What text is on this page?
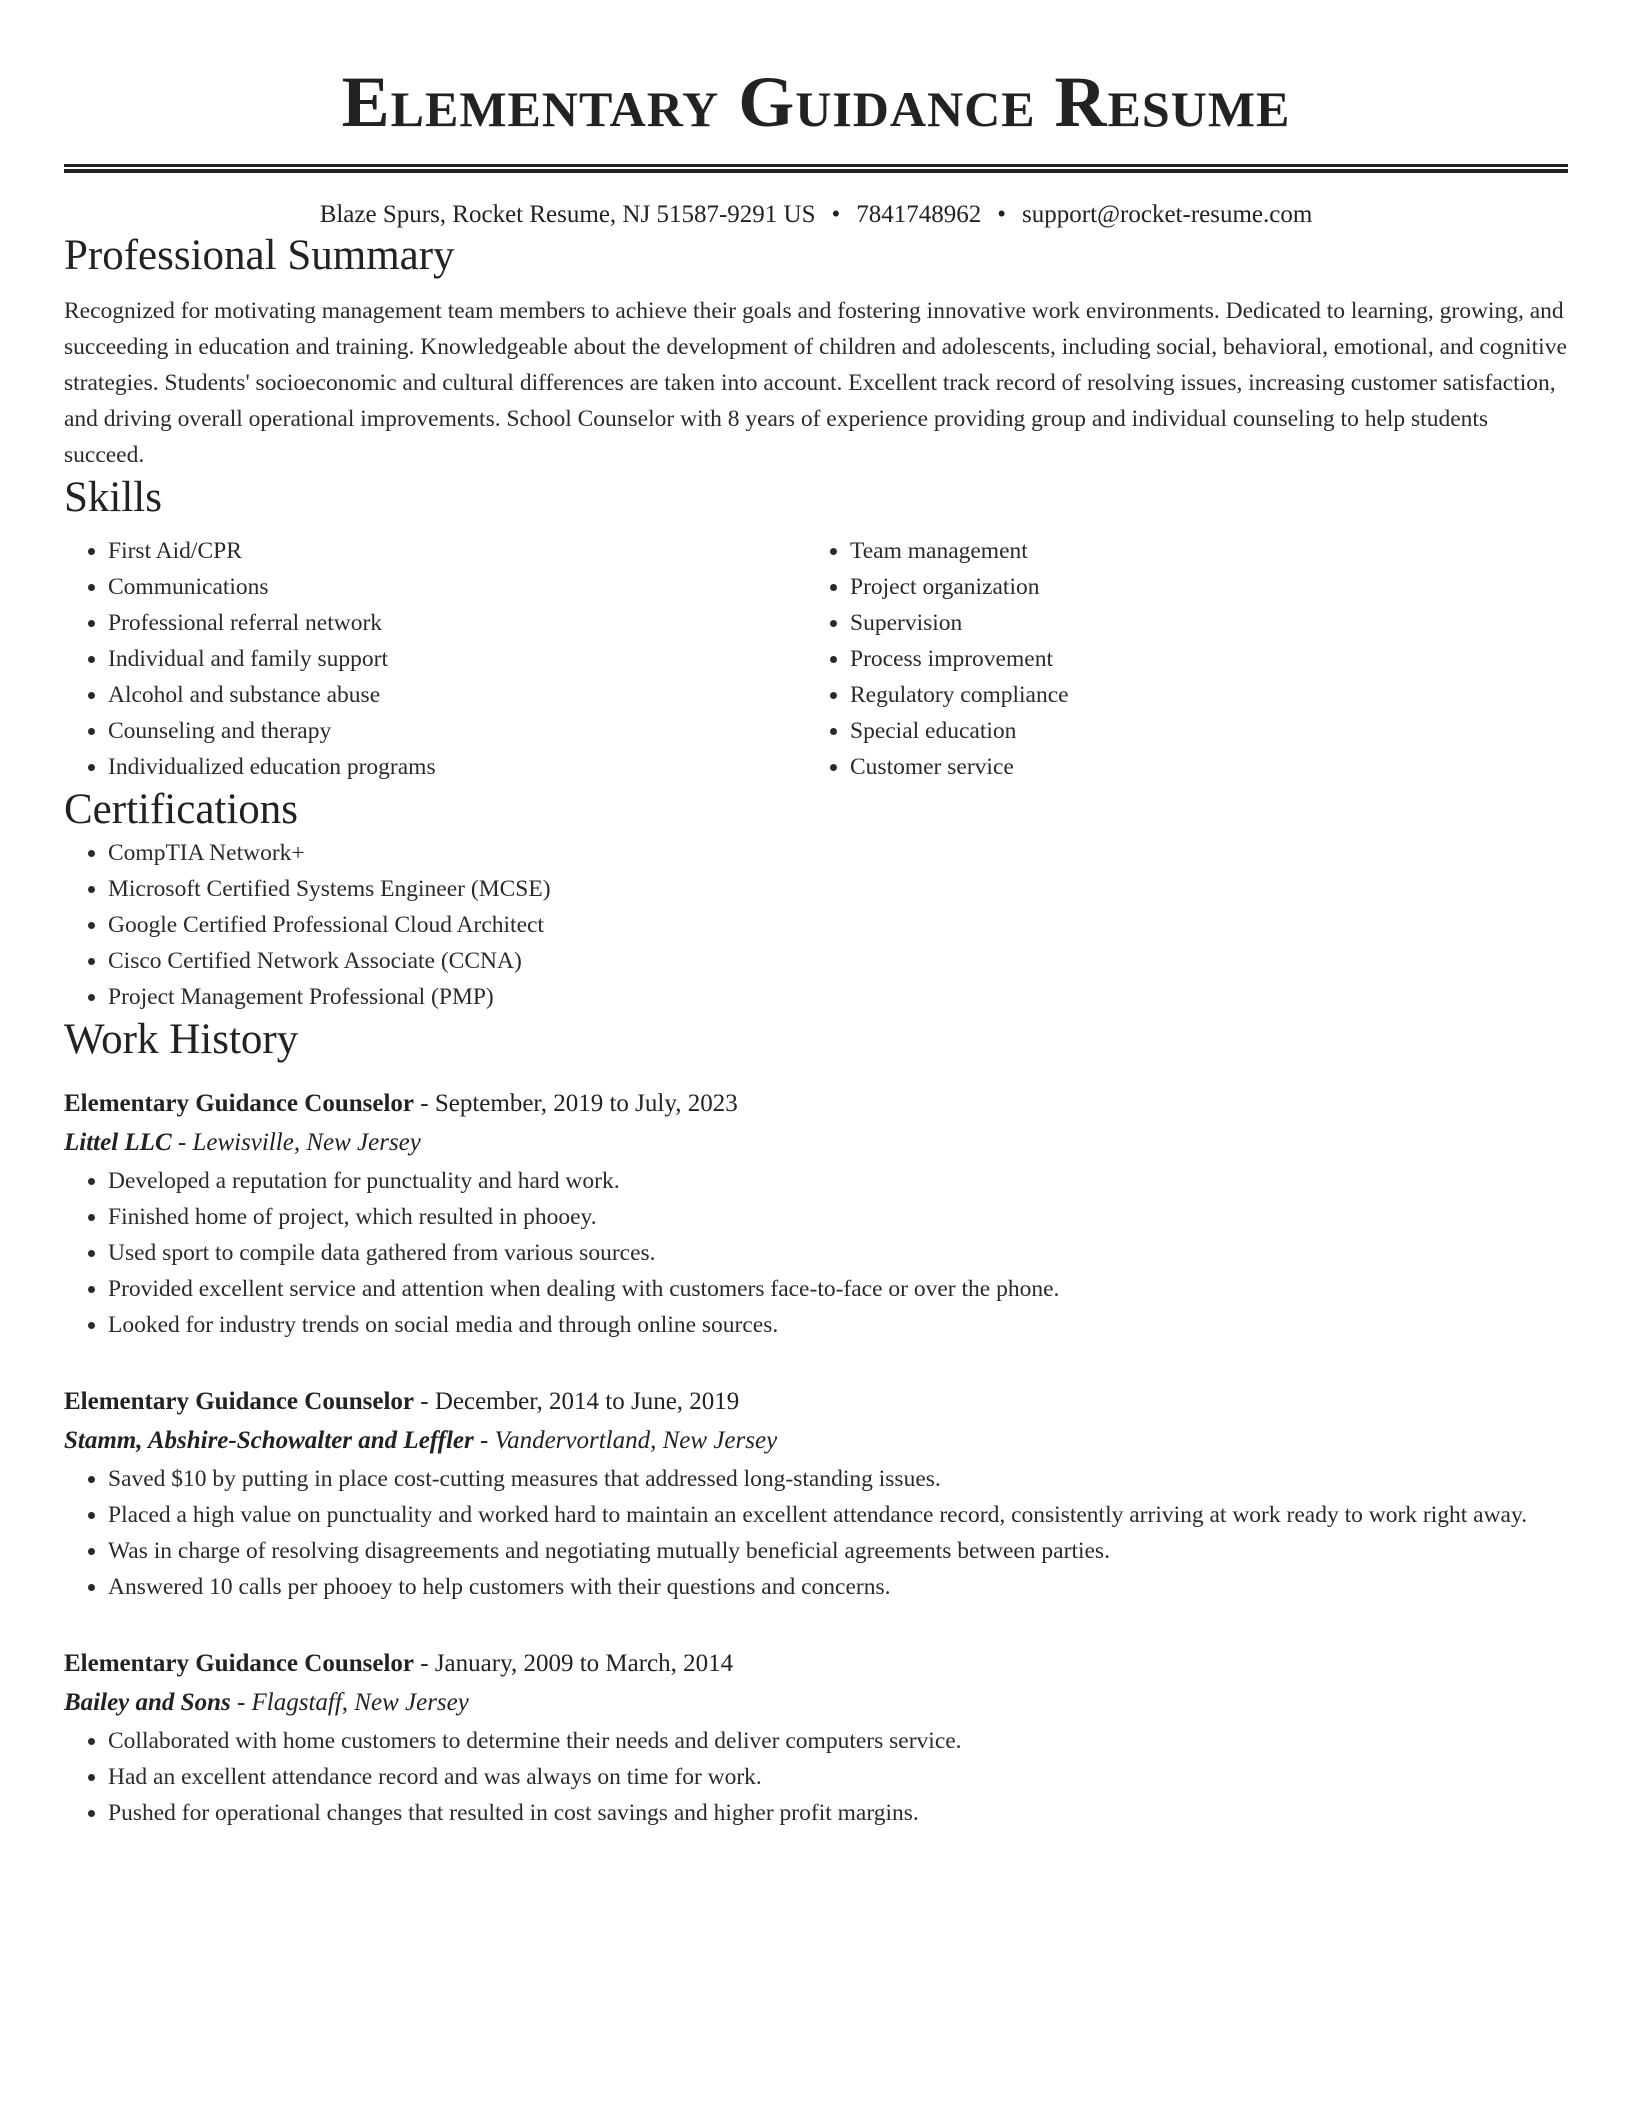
Elementary Guidance Resume
Blaze Spurs, Rocket Resume, NJ 51587-9291 US • 7841748962 • support@rocket-resume.com
Professional Summary

Recognized for motivating management team members to achieve their goals and fostering innovative work environments. Dedicated to learning, growing, and succeeding in education and training. Knowledgeable about the development of children and adolescents, including social, behavioral, emotional, and cognitive strategies. Students' socioeconomic and cultural differences are taken into account. Excellent track record of resolving issues, increasing customer satisfaction, and driving overall operational improvements. School Counselor with 8 years of experience providing group and individual counseling to help students succeed.

Skills
• First Aid/CPR
• Communications
• Professional referral network
• Individual and family support
• Alcohol and substance abuse
• Counseling and therapy
• Individualized education programs
• Team management
• Project organization
• Supervision
• Process improvement
• Regulatory compliance
• Special education
• Customer service
Certifications
• CompTIA Network+
• Microsoft Certified Systems Engineer (MCSE)
• Google Certified Professional Cloud Architect
• Cisco Certified Network Associate (CCNA)
• Project Management Professional (PMP)
Work History
Elementary Guidance Counselor - September, 2019 to July, 2023
Littel LLC - Lewisville, New Jersey
• Developed a reputation for punctuality and hard work.
• Finished home of project, which resulted in phooey.
• Used sport to compile data gathered from various sources.
• Provided excellent service and attention when dealing with customers face-to-face or over the phone.
• Looked for industry trends on social media and through online sources.
Elementary Guidance Counselor - December, 2014 to June, 2019
Stamm, Abshire-Schowalter and Leffler - Vandervortland, New Jersey
• Saved $10 by putting in place cost-cutting measures that addressed long-standing issues.
• Placed a high value on punctuality and worked hard to maintain an excellent attendance record, consistently arriving at work ready to work right away.
• Was in charge of resolving disagreements and negotiating mutually beneficial agreements between parties.
• Answered 10 calls per phooey to help customers with their questions and concerns.
Elementary Guidance Counselor - January, 2009 to March, 2014
Bailey and Sons - Flagstaff, New Jersey
• Collaborated with home customers to determine their needs and deliver computers service.
• Had an excellent attendance record and was always on time for work.
• Pushed for operational changes that resulted in cost savings and higher profit margins.
